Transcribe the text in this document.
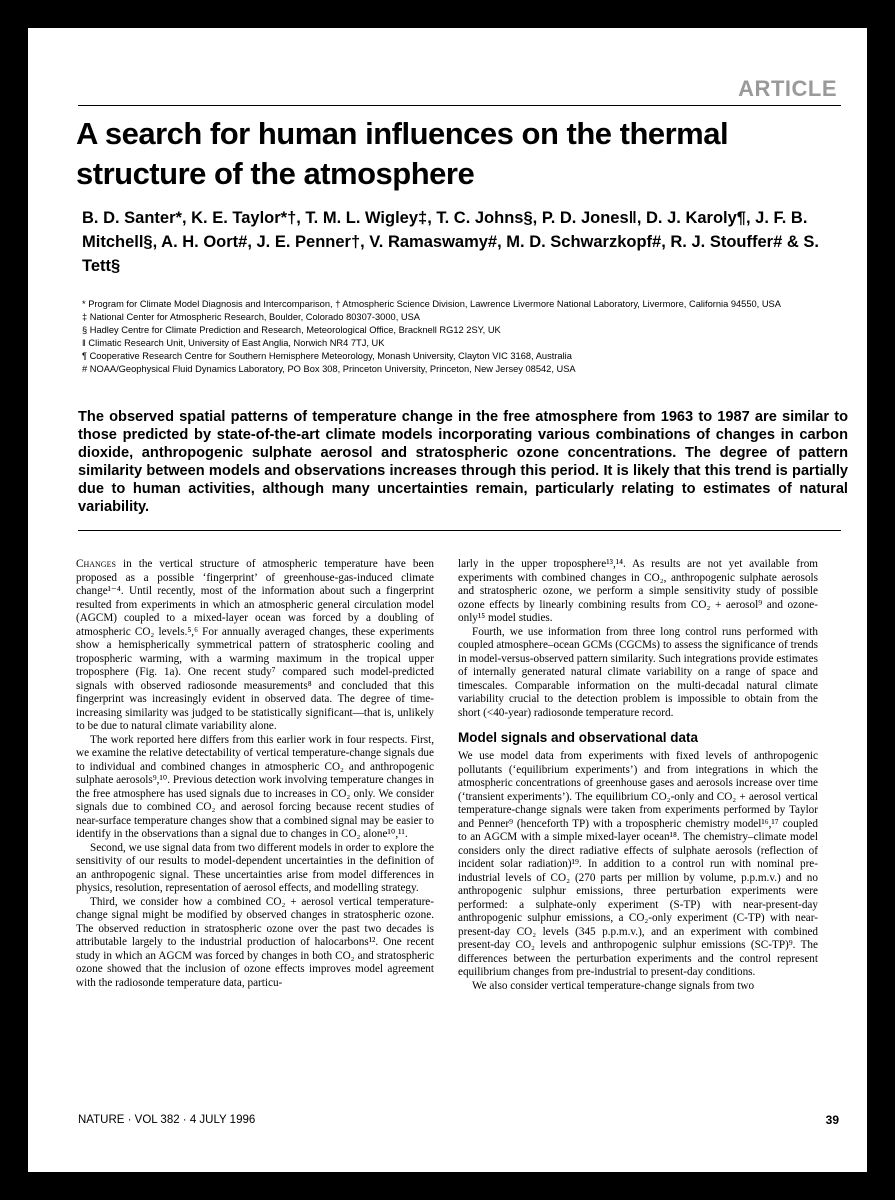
ARTICLE
A search for human influences on the thermal structure of the atmosphere

B. D. Santer*, K. E. Taylor*†, T. M. L. Wigley‡, T. C. Johns§, P. D. Jones‖, D. J. Karoly¶, J. F. B. Mitchell§, A. H. Oort#, J. E. Penner†, V. Ramaswamy#, M. D. Schwarzkopf#, R. J. Stouffer# & S. Tett§

* Program for Climate Model Diagnosis and Intercomparison, † Atmospheric Science Division, Lawrence Livermore National Laboratory, Livermore, California 94550, USA
‡ National Center for Atmospheric Research, Boulder, Colorado 80307-3000, USA
§ Hadley Centre for Climate Prediction and Research, Meteorological Office, Bracknell RG12 2SY, UK
‖ Climatic Research Unit, University of East Anglia, Norwich NR4 7TJ, UK
¶ Cooperative Research Centre for Southern Hemisphere Meteorology, Monash University, Clayton VIC 3168, Australia
# NOAA/Geophysical Fluid Dynamics Laboratory, PO Box 308, Princeton University, Princeton, New Jersey 08542, USA

The observed spatial patterns of temperature change in the free atmosphere from 1963 to 1987 are similar to those predicted by state-of-the-art climate models incorporating various combinations of changes in carbon dioxide, anthropogenic sulphate aerosol and stratospheric ozone concentrations. The degree of pattern similarity between models and observations increases through this period. It is likely that this trend is partially due to human activities, although many uncertainties remain, particularly relating to estimates of natural variability.

Changes in the vertical structure of atmospheric temperature have been proposed as a possible ‘fingerprint’ of greenhouse-gas-induced climate change¹⁻⁴. Until recently, most of the information about such a fingerprint resulted from experiments in which an atmospheric general circulation model (AGCM) coupled to a mixed-layer ocean was forced by a doubling of atmospheric CO₂ levels.⁵,⁶ For annually averaged changes, these experiments show a hemispherically symmetrical pattern of stratospheric cooling and tropospheric warming, with a warming maximum in the tropical upper troposphere (Fig. 1a). One recent study⁷ compared such model-predicted signals with observed radiosonde measurements⁸ and concluded that this fingerprint was increasingly evident in observed data. The degree of time-increasing similarity was judged to be statistically significant—that is, unlikely to be due to natural climate variability alone.

The work reported here differs from this earlier work in four respects. First, we examine the relative detectability of vertical temperature-change signals due to individual and combined changes in atmospheric CO₂ and anthropogenic sulphate aerosols⁹,¹⁰. Previous detection work involving temperature changes in the free atmosphere has used signals due to increases in CO₂ only. We consider signals due to combined CO₂ and aerosol forcing because recent studies of near-surface temperature changes show that a combined signal may be easier to identify in the observations than a signal due to changes in CO₂ alone¹⁰,¹¹.

Second, we use signal data from two different models in order to explore the sensitivity of our results to model-dependent uncertainties in the definition of an anthropogenic signal. These uncertainties arise from model differences in physics, resolution, representation of aerosol effects, and modelling strategy.

Third, we consider how a combined CO₂ + aerosol vertical temperature-change signal might be modified by observed changes in stratospheric ozone. The observed reduction in stratospheric ozone over the past two decades is attributable largely to the industrial production of halocarbons¹². One recent study in which an AGCM was forced by changes in both CO₂ and stratospheric ozone showed that the inclusion of ozone effects improves model agreement with the radiosonde temperature data, particu-

larly in the upper troposphere¹³,¹⁴. As results are not yet available from experiments with combined changes in CO₂, anthropogenic sulphate aerosols and stratospheric ozone, we perform a simple sensitivity study of possible ozone effects by linearly combining results from CO₂ + aerosol⁹ and ozone-only¹⁵ model studies.

Fourth, we use information from three long control runs performed with coupled atmosphere–ocean GCMs (CGCMs) to assess the significance of trends in model-versus-observed pattern similarity. Such integrations provide estimates of internally generated natural climate variability on a range of space and timescales. Comparable information on the multi-decadal natural climate variability crucial to the detection problem is impossible to obtain from the short (<40-year) radiosonde temperature record.

Model signals and observational data

We use model data from experiments with fixed levels of anthropogenic pollutants (‘equilibrium experiments’) and from integrations in which the atmospheric concentrations of greenhouse gases and aerosols increase over time (‘transient experiments’). The equilibrium CO₂-only and CO₂ + aerosol vertical temperature-change signals were taken from experiments performed by Taylor and Penner⁹ (henceforth TP) with a tropospheric chemistry model¹⁶,¹⁷ coupled to an AGCM with a simple mixed-layer ocean¹⁸. The chemistry–climate model considers only the direct radiative effects of sulphate aerosols (reflection of incident solar radiation)¹⁹. In addition to a control run with nominal pre-industrial levels of CO₂ (270 parts per million by volume, p.p.m.v.) and no anthropogenic sulphur emissions, three perturbation experiments were performed: a sulphate-only experiment (S-TP) with near-present-day anthropogenic sulphur emissions, a CO₂-only experiment (C-TP) with near-present-day CO₂ levels (345 p.p.m.v.), and an experiment with combined present-day CO₂ levels and anthropogenic sulphur emissions (SC-TP)⁹. The differences between the perturbation experiments and the control represent equilibrium changes from pre-industrial to present-day conditions.

We also consider vertical temperature-change signals from two

NATURE · VOL 382 · 4 JULY 1996	39
